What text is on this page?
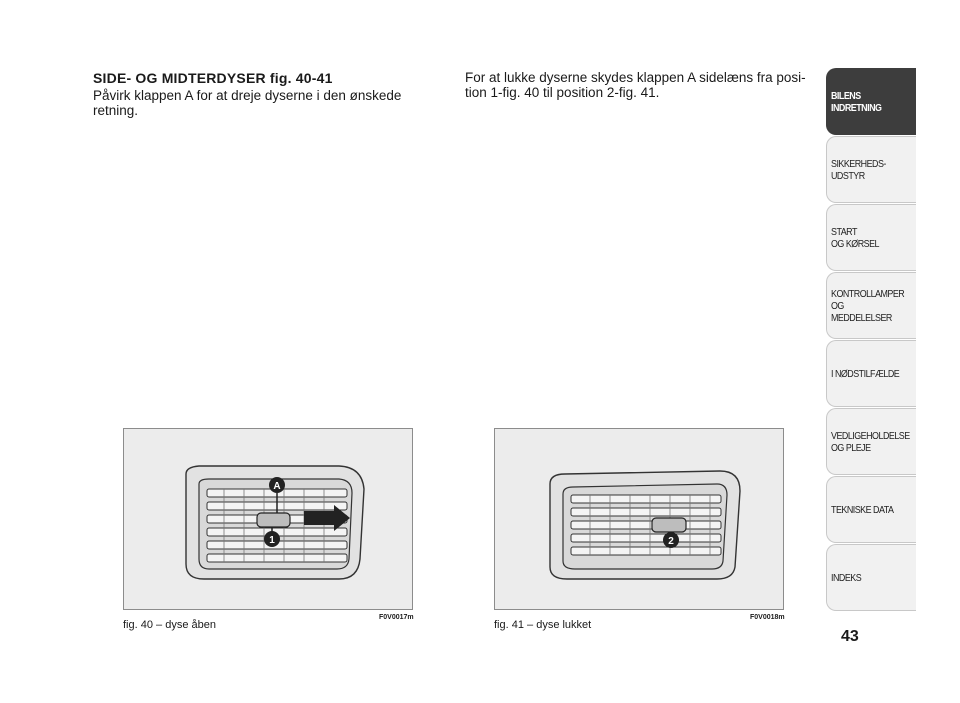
SIDE- OG MIDTERDYSER fig. 40-41
Påvirk klappen A for at dreje dyserne i den ønskede retning.
For at lukke dyserne skydes klappen A sidelæns fra posi-tion 1-fig. 40 til position 2-fig. 41.
A
1
fig. 40 – dyse åben
F0V0017m
2
fig. 41 – dyse lukket
F0V0018m
BILENS
INDRETNING
SIKKERHEDS-
UDSTYR
START
OG KØRSEL
KONTROLLAMPER
OG MEDDELELSER
I NØDSTILFÆLDE
VEDLIGEHOLDELSE
OG PLEJE
TEKNISKE DATA
INDEKS
43
